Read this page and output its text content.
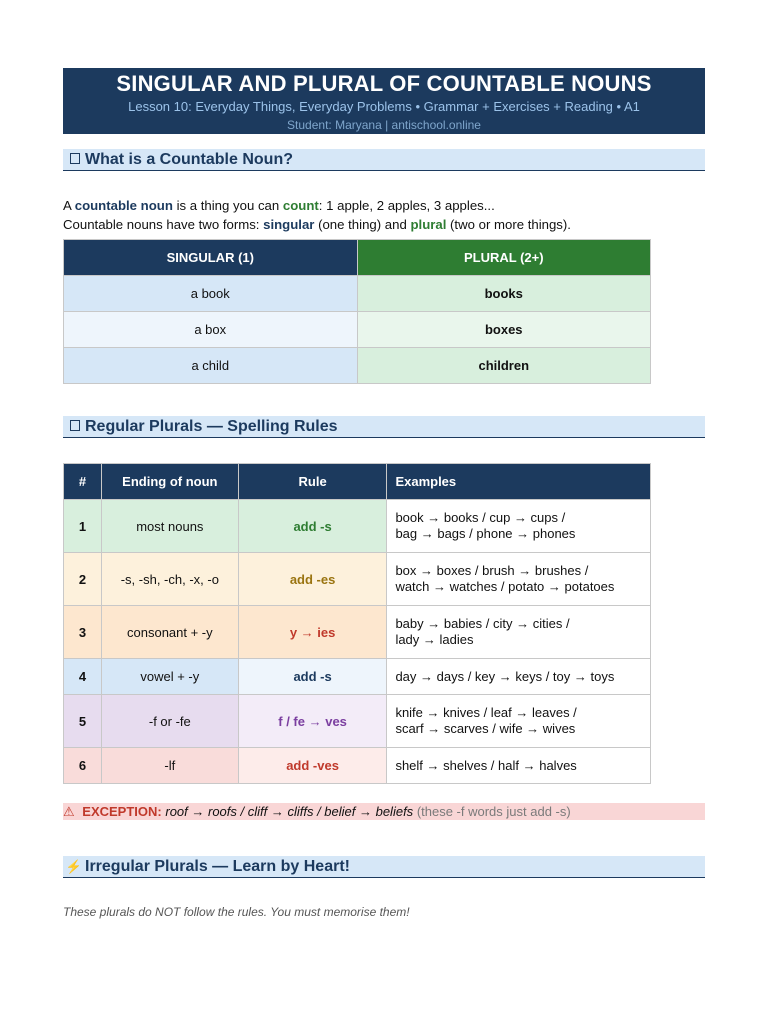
SINGULAR AND PLURAL OF COUNTABLE NOUNS
Lesson 10: Everyday Things, Everyday Problems • Grammar + Exercises + Reading • A1
Student: Maryana | antischool.online
What is a Countable Noun?
A countable noun is a thing you can count: 1 apple, 2 apples, 3 apples...
Countable nouns have two forms: singular (one thing) and plural (two or more things).
SINGULAR (1)	PLURAL (2+)
a book	books
a box	boxes
a child	children
Regular Plurals — Spelling Rules
#	Ending of noun	Rule	Examples
1	most nouns	add -s	book → books / cup → cups /
bag → bags / phone → phones

2	-s, -sh, -ch, -x, -o	add -es	box → boxes / brush → brushes /
watch → watches / potato → potatoes

3	consonant + -y	y → ies	baby → babies / city → cities /
lady → ladies

4	vowel + -y	add -s	day → days / key → keys / toy → toys

5	-f or -fe	f / fe → ves	knife → knives / leaf → leaves /
scarf → scarves / wife → wives

6	-lf	add -ves	shelf → shelves / half → halves
⚠ EXCEPTION: roof → roofs / cliff → cliffs / belief → beliefs (these -f words just add -s)
⚡ Irregular Plurals — Learn by Heart!
These plurals do NOT follow the rules. You must memorise them!
